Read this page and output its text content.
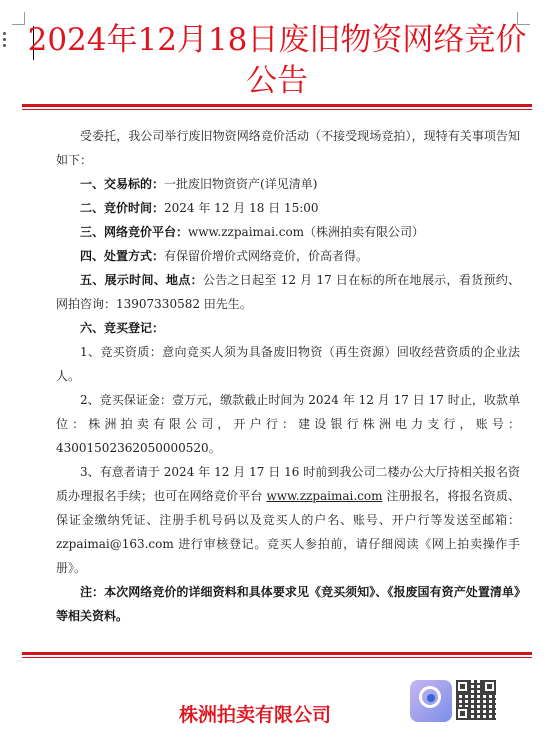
2024年12月18日废旧物资网络竞价公告

受委托，我公司举行废旧物资网络竞价活动（不接受现场竞拍），现特有关事项告知如下：

一、交易标的：一批废旧物资资产(详见清单)

二、竞价时间：2024 年 12 月 18 日 15:00

三、网络竞价平台：www.zzpaimai.com（株洲拍卖有限公司）

四、处置方式：有保留价增价式网络竞价，价高者得。

五、展示时间、地点：公告之日起至 12 月 17 日在标的所在地展示，看货预约、网拍咨询：13907330582 田先生。

六、竞买登记：

1、竞买资质：意向竞买人须为具备废旧物资（再生资源）回收经营资质的企业法人。

2、竞买保证金：壹万元，缴款截止时间为 2024 年 12 月 17 日 17 时止，收款单位：株洲拍卖有限公司，开户行：建设银行株洲电力支行，账号：43001502362050000520。

3、有意者请于 2024 年 12 月 17 日 16 时前到我公司二楼办公大厅持相关报名资质办理报名手续；也可在网络竞价平台 www.zzpaimai.com 注册报名，将报名资质、保证金缴纳凭证、注册手机号码以及竞买人的户名、账号、开户行等发送至邮箱：zzpaimai@163.com 进行审核登记。竞买人参拍前，请仔细阅读《网上拍卖操作手册》。

注：本次网络竞价的详细资料和具体要求见《竞买须知》、《报废国有资产处置清单》等相关资料。

株洲拍卖有限公司
